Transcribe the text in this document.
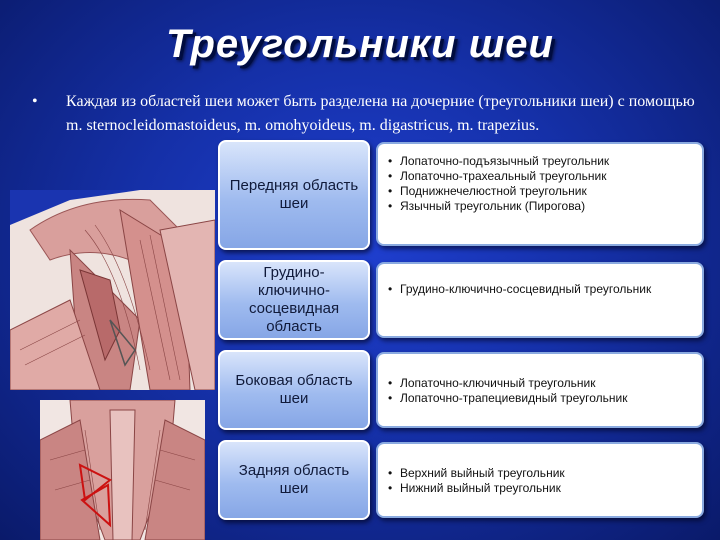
Треугольники шеи
•	Каждая из областей шеи может быть разделена на дочерние (треугольники шеи) с помощью m. sternocleidomastoideus, m. omohyoideus, m. digastricus, m. trapezius.
Передняя область шеи
• Лопаточно-подъязычный треугольник
• Лопаточно-трахеальный треугольник
• Поднижнечелюстной треугольник
• Язычный треугольник (Пирогова)
Грудино-ключично-сосцевидная область
• Грудино-ключично-сосцевидный треугольник
Боковая область шеи
• Лопаточно-ключичный треугольник
• Лопаточно-трапециевидный треугольник
Задняя область шеи
• Верхний выйный треугольник
• Нижний выйный треугольник
